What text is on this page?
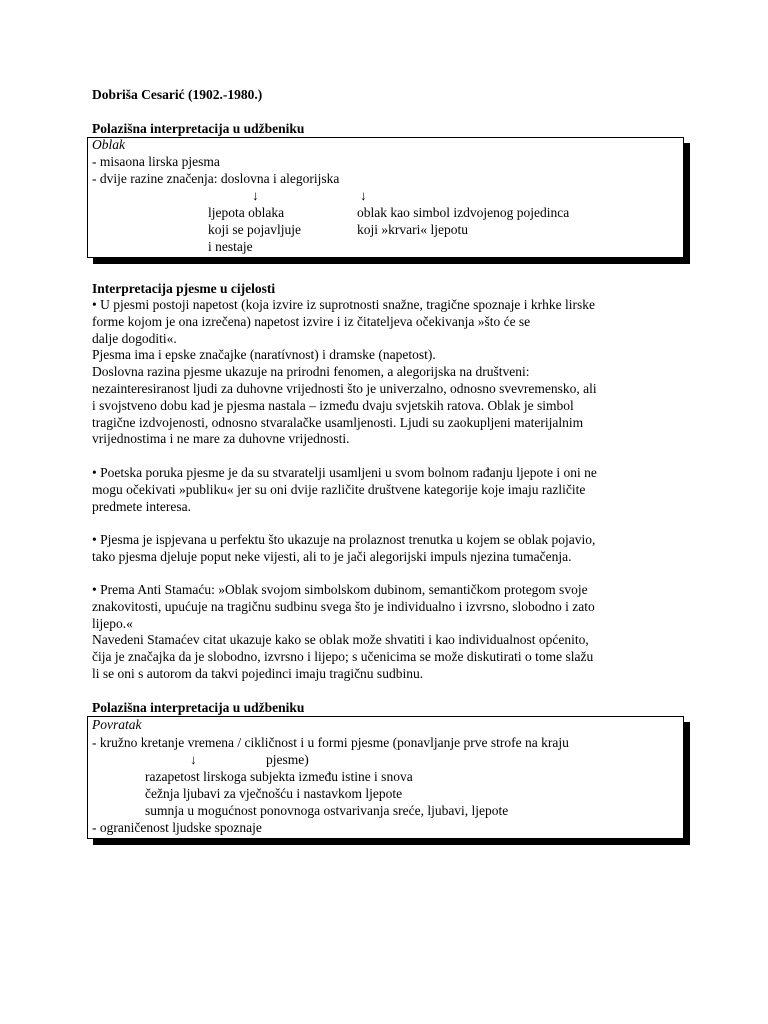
Dobriša Cesarić (1902.-1980.)
Polazišna interpretacija u udžbeniku
Oblak
- misaona lirska pjesma
- dvije razine značenja: doslovna i alegorijska
↓	↓
ljepota oblaka
koji se pojavljuje
i nestaje
oblak kao simbol izdvojenog pojedinca
koji »krvari« ljepotu
Interpretacija pjesme u cijelosti
• U pjesmi postoji napetost (koja izvire iz suprotnosti snažne, tragične spoznaje i krhke lirske
forme kojom je ona izrečena) napetost izvire i iz čitateljeva očekivanja »što će se
dalje dogoditi«.
Pjesma ima i epske značajke (naratívnost) i dramske (napetost).
Doslovna razina pjesme ukazuje na prirodni fenomen, a alegorijska na društveni:
nezainteresiranost ljudi za duhovne vrijednosti što je univerzalno, odnosno svevremensko, ali
i svojstveno dobu kad je pjesma nastala – između dvaju svjetskih ratova. Oblak je simbol
tragične izdvojenosti, odnosno stvaralačke usamljenosti. Ljudi su zaokupljeni materijalnim
vrijednostima i ne mare za duhovne vrijednosti.
• Poetska poruka pjesme je da su stvaratelji usamljeni u svom bolnom rađanju ljepote i oni ne
mogu očekivati »publiku« jer su oni dvije različite društvene kategorije koje imaju različite
predmete interesa.
• Pjesma je ispjevana u perfektu što ukazuje na prolaznost trenutka u kojem se oblak pojavio,
tako pjesma djeluje poput neke vijesti, ali to je jači alegorijski impuls njezina tumačenja.
• Prema Anti Stamaću: »Oblak svojom simbolskom dubinom, semantičkom protegom svoje
znakovitosti, upućuje na tragičnu sudbinu svega što je individualno i izvrsno, slobodno i zato
lijepo.«
Navedeni Stamaćev citat ukazuje kako se oblak može shvatiti i kao individualnost općenito,
čija je značajka da je slobodno, izvrsno i lijepo; s učenicima se može diskutirati o tome slažu
li se oni s autorom da takvi pojedinci imaju tragičnu sudbinu.
Polazišna interpretacija u udžbeniku
Povratak
- kružno kretanje vremena / cikličnost i u formi pjesme (ponavljanje prve strofe na kraju
↓	pjesme)
razapetost lirskoga subjekta između istine i snova
čežnja ljubavi za vječnošću i nastavkom ljepote
sumnja u mogućnost ponovnoga ostvarivanja sreće, ljubavi, ljepote
- ograničenost ljudske spoznaje
